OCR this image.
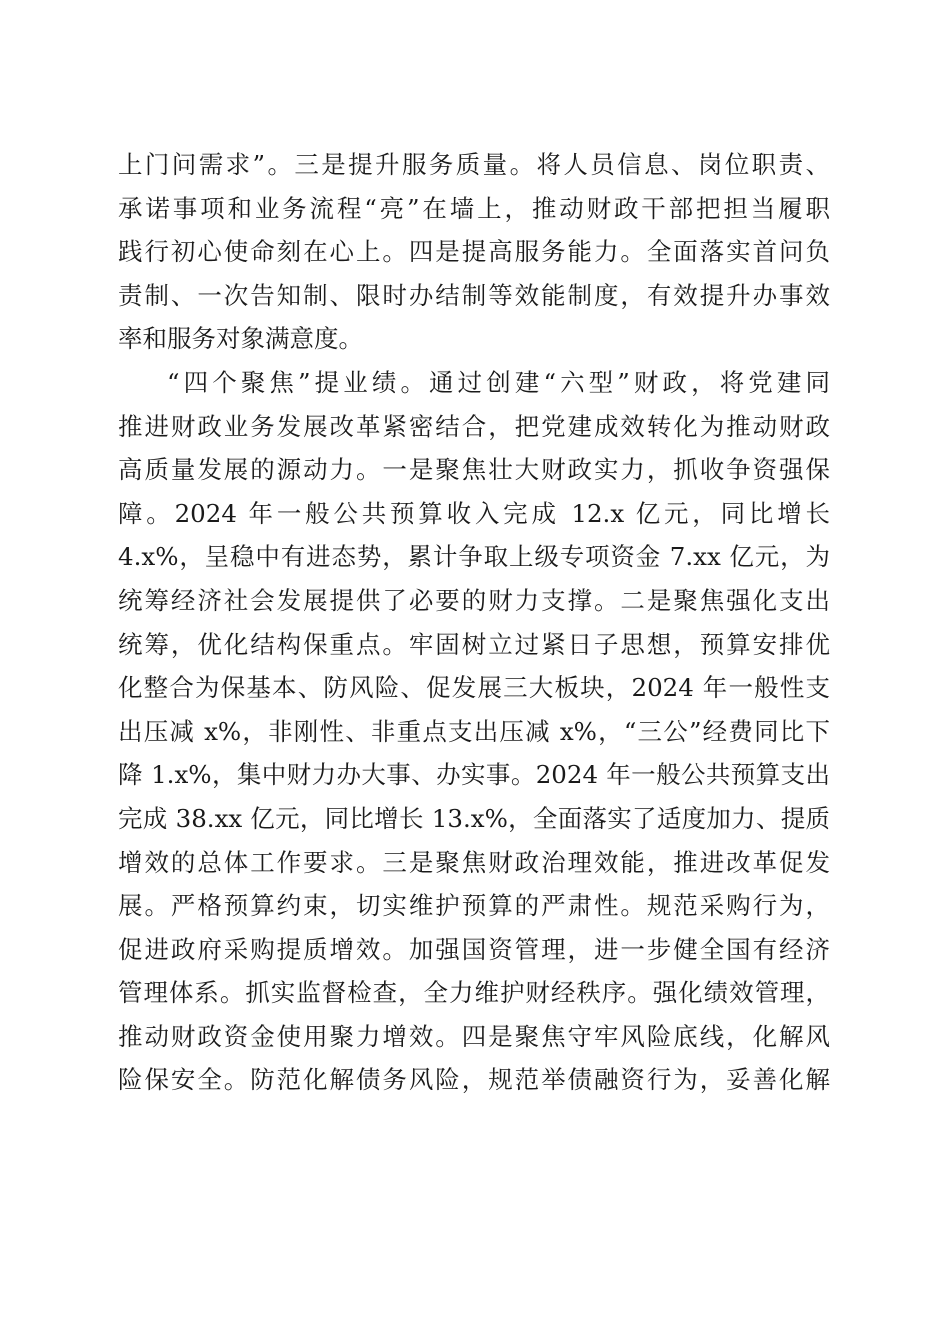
上门问需求”。三是提升服务质量。将人员信息、岗位职责、
承诺事项和业务流程“亮”在墙上，推动财政干部把担当履职
践行初心使命刻在心上。四是提高服务能力。全面落实首问负
责制、一次告知制、限时办结制等效能制度，有效提升办事效
率和服务对象满意度。
“四个聚焦”提业绩。通过创建“六型”财政，将党建同
推进财政业务发展改革紧密结合，把党建成效转化为推动财政
高质量发展的源动力。一是聚焦壮大财政实力，抓收争资强保
障。2024 年一般公共预算收入完成 12.x 亿元，同比增长
4.x%，呈稳中有进态势，累计争取上级专项资金 7.xx 亿元，为
统筹经济社会发展提供了必要的财力支撑。二是聚焦强化支出
统筹，优化结构保重点。牢固树立过紧日子思想，预算安排优
化整合为保基本、防风险、促发展三大板块，2024 年一般性支
出压减 x%，非刚性、非重点支出压减 x%，“三公”经费同比下
降 1.x%，集中财力办大事、办实事。2024 年一般公共预算支出
完成 38.xx 亿元，同比增长 13.x%，全面落实了适度加力、提质
增效的总体工作要求。三是聚焦财政治理效能，推进改革促发
展。严格预算约束，切实维护预算的严肃性。规范采购行为，
促进政府采购提质增效。加强国资管理，进一步健全国有经济
管理体系。抓实监督检查，全力维护财经秩序。强化绩效管理，
推动财政资金使用聚力增效。四是聚焦守牢风险底线，化解风
险保安全。防范化解债务风险，规范举债融资行为，妥善化解
